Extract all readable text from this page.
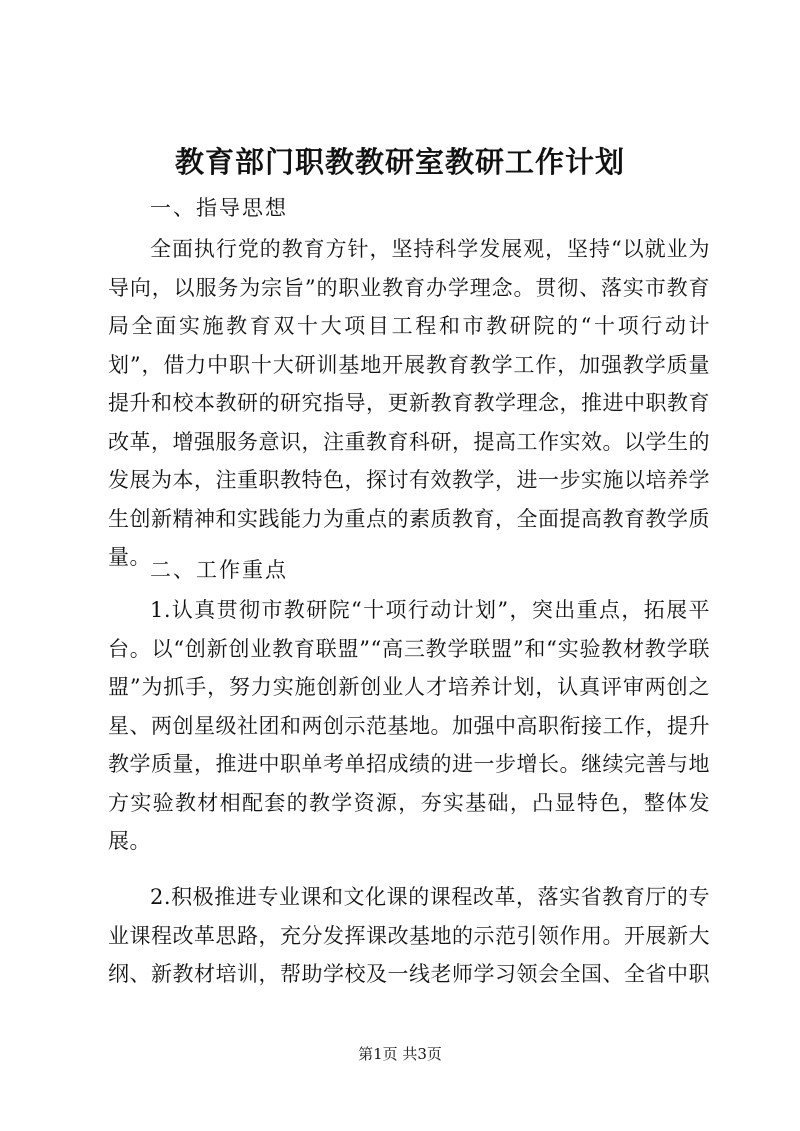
教育部门职教教研室教研工作计划
一、指导思想

全面执行党的教育方针，坚持科学发展观，坚持“以就业为导向，以服务为宗旨”的职业教育办学理念。贯彻、落实市教育局全面实施教育双十大项目工程和市教研院的“十项行动计划”，借力中职十大研训基地开展教育教学工作，加强教学质量提升和校本教研的研究指导，更新教育教学理念，推进中职教育改革，增强服务意识，注重教育科研，提高工作实效。以学生的发展为本，注重职教特色，探讨有效教学，进一步实施以培养学生创新精神和实践能力为重点的素质教育，全面提高教育教学质量。

二、工作重点

1.认真贯彻市教研院“十项行动计划”，突出重点，拓展平台。以“创新创业教育联盟”“高三教学联盟”和“实验教材教学联盟”为抓手，努力实施创新创业人才培养计划，认真评审两创之星、两创星级社团和两创示范基地。加强中高职衔接工作，提升教学质量，推进中职单考单招成绩的进一步增长。继续完善与地方实验教材相配套的教学资源，夯实基础，凸显特色，整体发展。

2.积极推进专业课和文化课的课程改革，落实省教育厅的专业课程改革思路，充分发挥课改基地的示范引领作用。开展新大纲、新教材培训，帮助学校及一线老师学习领会全国、全省中职

第1页 共3页
